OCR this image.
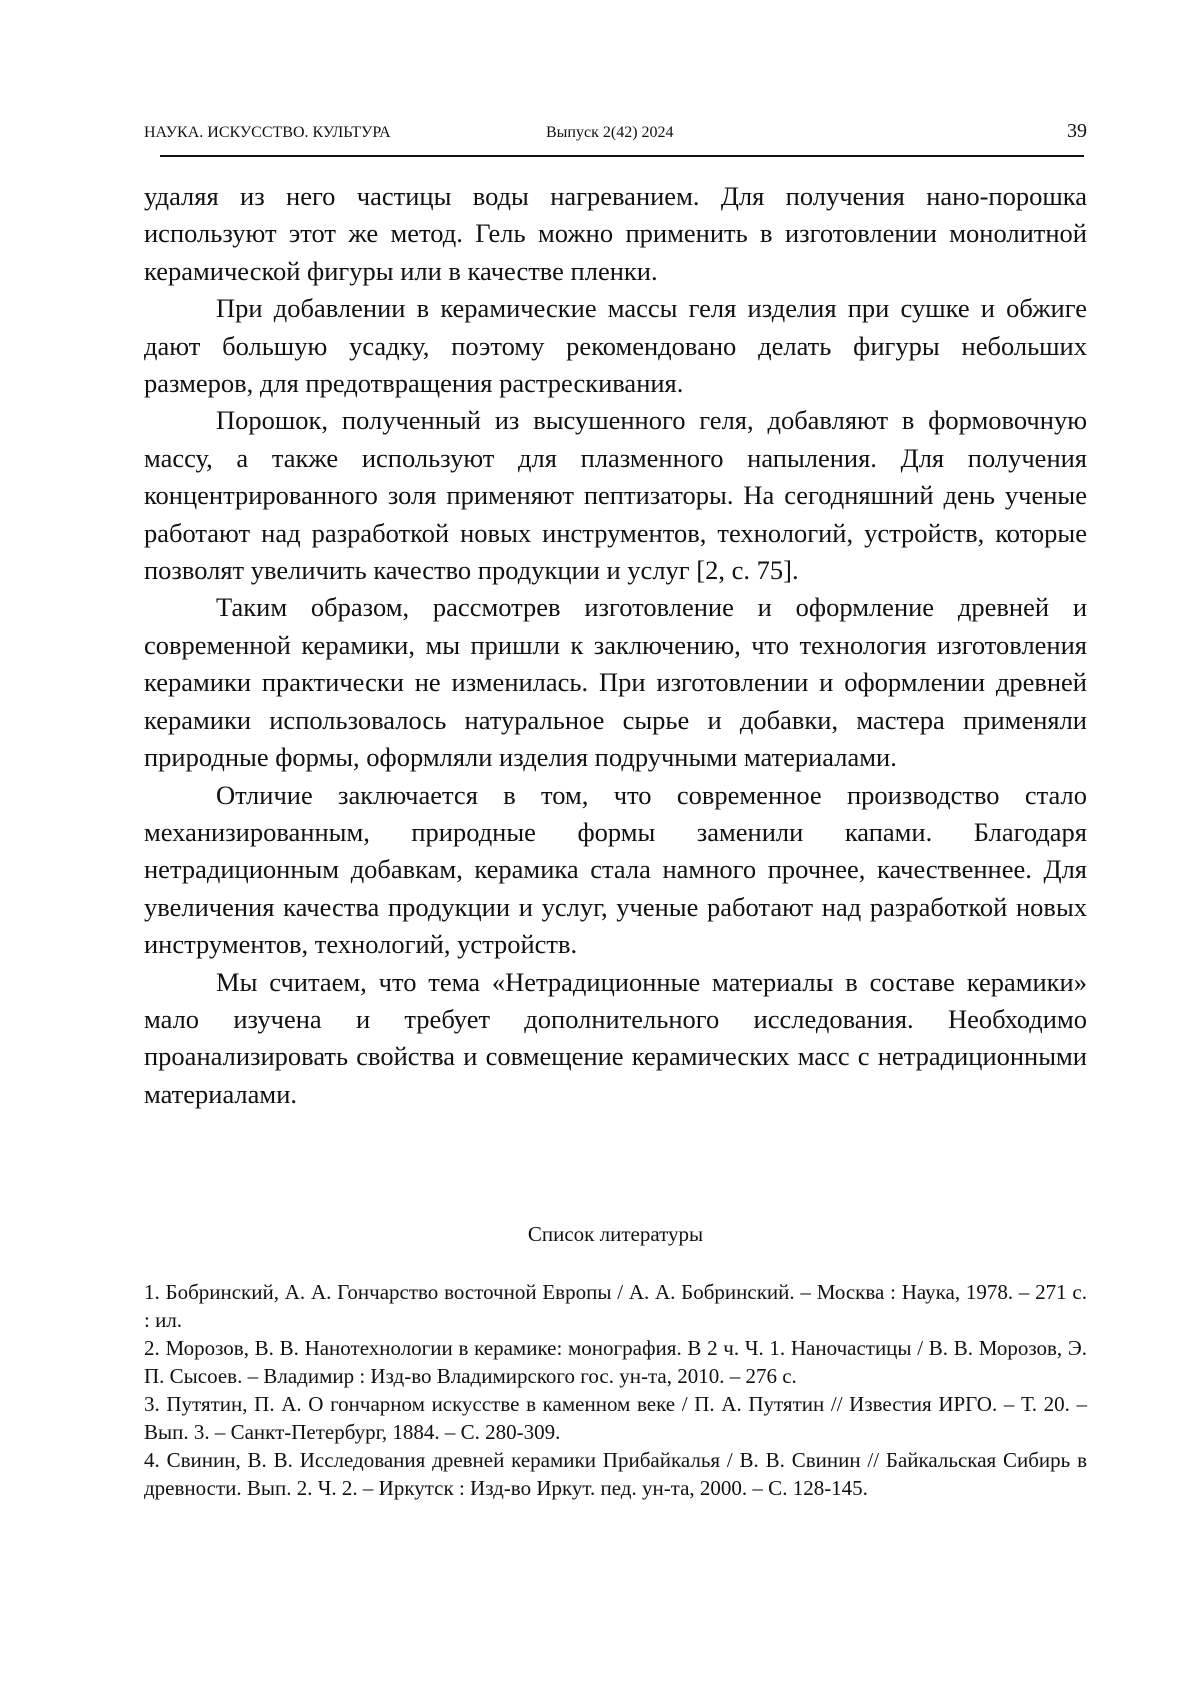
НАУКА. ИСКУССТВО. КУЛЬТУРА	Выпуск 2(42) 2024	39

удаляя из него частицы воды нагреванием. Для получения нано-порошка используют этот же метод. Гель можно применить в изготовлении монолитной керамической фигуры или в качестве пленки.

При добавлении в керамические массы геля изделия при сушке и обжиге дают большую усадку, поэтому рекомендовано делать фигуры небольших размеров, для предотвращения растрескивания.

Порошок, полученный из высушенного геля, добавляют в формовочную массу, а также используют для плазменного напыления. Для получения концентрированного золя применяют пептизаторы. На сегодняшний день ученые работают над разработкой новых инструментов, технологий, устройств, которые позволят увеличить качество продукции и услуг [2, с. 75].

Таким образом, рассмотрев изготовление и оформление древней и современной керамики, мы пришли к заключению, что технология изготовления керамики практически не изменилась. При изготовлении и оформлении древней керамики использовалось натуральное сырье и добавки, мастера применяли природные формы, оформляли изделия подручными материалами.

Отличие заключается в том, что современное производство стало механизированным, природные формы заменили капами. Благодаря нетрадиционным добавкам, керамика стала намного прочнее, качественнее. Для увеличения качества продукции и услуг, ученые работают над разработкой новых инструментов, технологий, устройств.

Мы считаем, что тема «Нетрадиционные материалы в составе керамики» мало изучена и требует дополнительного исследования. Необходимо проанализировать свойства и совмещение керамических масс с нетрадиционными материалами.

Список литературы
1. Бобринский, А. А. Гончарство восточной Европы / А. А. Бобринский. – Москва : Наука, 1978. – 271 с. : ил.
2. Морозов, В. В. Нанотехнологии в керамике: монография. В 2 ч. Ч. 1. Наночастицы / В. В. Морозов, Э. П. Сысоев. – Владимир : Изд-во Владимирского гос. ун-та, 2010. – 276 с.
3. Путятин, П. А. О гончарном искусстве в каменном веке / П. А. Путятин // Известия ИРГО. – Т. 20. – Вып. 3. – Санкт-Петербург, 1884. – С. 280-309.
4. Свинин, В. В. Исследования древней керамики Прибайкалья / В. В. Свинин // Байкальская Сибирь в древности. Вып. 2. Ч. 2. – Иркутск : Изд-во Иркут. пед. ун-та, 2000. – С. 128-145.
